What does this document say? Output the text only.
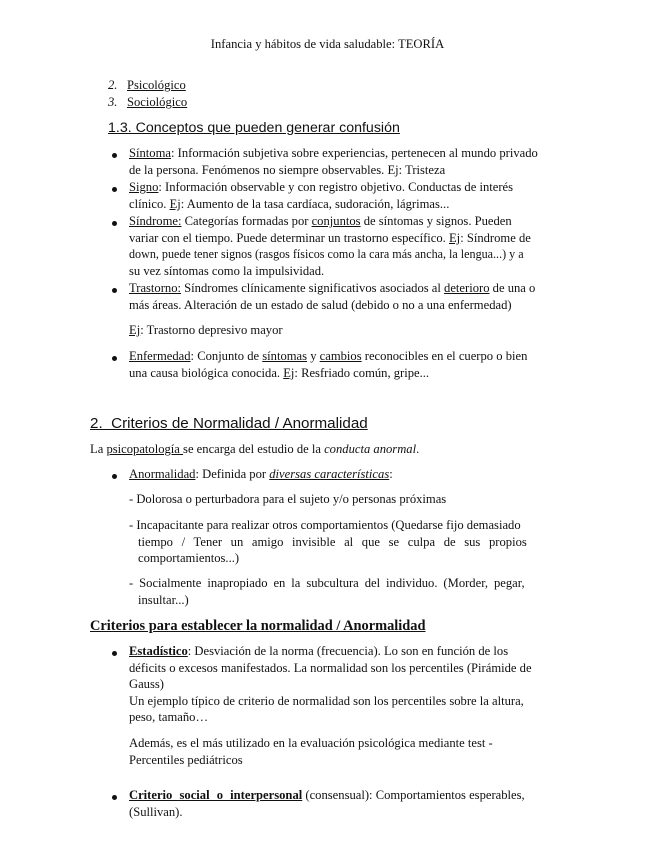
Infancia y hábitos de vida saludable: TEORÍA
2. Psicológico
3. Sociológico
1.3. Conceptos que pueden generar confusión
Síntoma: Información subjetiva sobre experiencias, pertenecen al mundo privado
de la persona. Fenómenos no siempre observables. Ej: Tristeza
Signo: Información observable y con registro objetivo. Conductas de interés
clínico. Ej: Aumento de la tasa cardíaca, sudoración, lágrimas...
Síndrome: Categorías formadas por conjuntos de síntomas y signos. Pueden
variar con el tiempo. Puede determinar un trastorno específico. Ej: Síndrome de
down, puede tener signos (rasgos físicos como la cara más ancha, la lengua...) y a
su vez síntomas como la impulsividad.
Trastorno: Síndromes clínicamente significativos asociados al deterioro de una o
más áreas. Alteración de un estado de salud (debido o no a una enfermedad)
Ej: Trastorno depresivo mayor
Enfermedad: Conjunto de síntomas y cambios reconocibles en el cuerpo o bien
una causa biológica conocida. Ej: Resfriado común, gripe...
2.  Criterios de Normalidad / Anormalidad
La psicopatología se encarga del estudio de la conducta anormal.
Anormalidad: Definida por diversas características:
- Dolorosa o perturbadora para el sujeto y/o personas próximas
- Incapacitante para realizar otros comportamientos (Quedarse fijo demasiado
tiempo / Tener un amigo invisible al que se culpa de sus propios
comportamientos...)
- Socialmente inapropiado en la subcultura del individuo. (Morder, pegar,
insultar...)
Criterios para establecer la normalidad / Anormalidad
Estadístico: Desviación de la norma (frecuencia). Lo son en función de los
déficits o excesos manifestados. La normalidad son los percentiles (Pirámide de
Gauss)
Un ejemplo típico de criterio de normalidad son los percentiles sobre la altura,
peso, tamaño…
Además, es el más utilizado en la evaluación psicológica mediante test -
Percentiles pediátricos
Criterio social o interpersonal (consensual): Comportamientos esperables,
(Sullivan).
